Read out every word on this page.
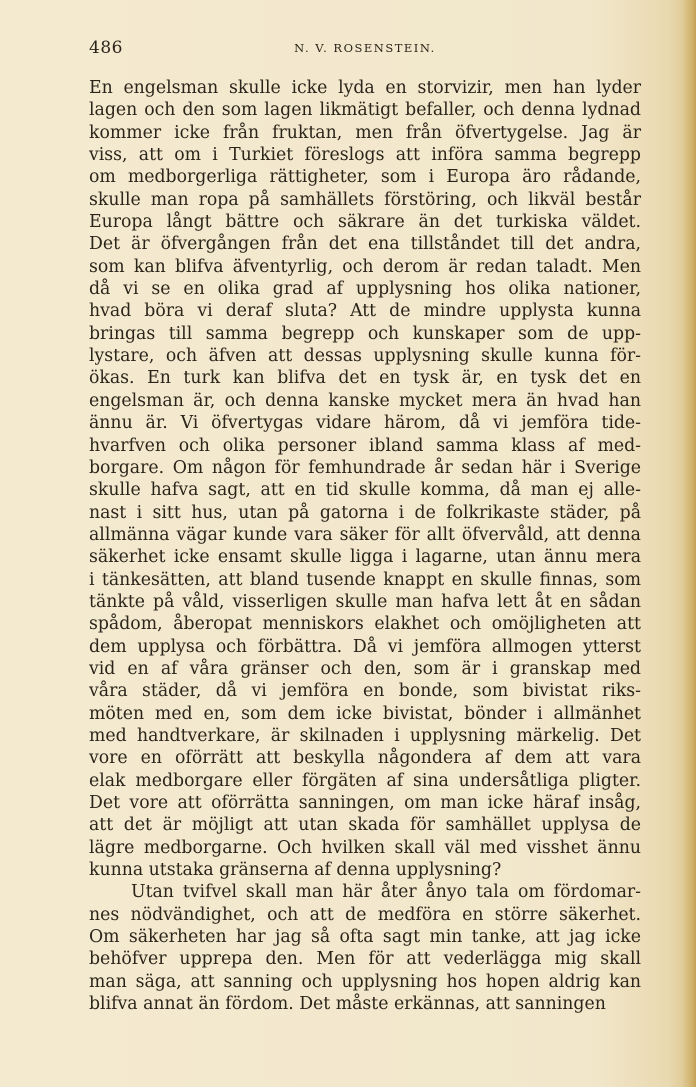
486	N. V. ROSENSTEIN.
En engelsman skulle icke lyda en storvizir, men han lyder
lagen och den som lagen likmätigt befaller, och denna lydnad
kommer icke från fruktan, men från öfvertygelse. Jag är
viss, att om i Turkiet föreslogs att införa samma begrepp
om medborgerliga rättigheter, som i Europa äro rådande,
skulle man ropa på samhällets förstöring, och likväl består
Europa långt bättre och säkrare än det turkiska väldet.
Det är öfvergången från det ena tillståndet till det andra,
som kan blifva äfventyrlig, och derom är redan taladt. Men
då vi se en olika grad af upplysning hos olika nationer,
hvad böra vi deraf sluta? Att de mindre upplysta kunna
bringas till samma begrepp och kunskaper som de upp-
lystare, och äfven att dessas upplysning skulle kunna för-
ökas. En turk kan blifva det en tysk är, en tysk det en
engelsman är, och denna kanske mycket mera än hvad han
ännu är. Vi öfvertygas vidare härom, då vi jemföra tide-
hvarfven och olika personer ibland samma klass af med-
borgare. Om någon för femhundrade år sedan här i Sverige
skulle hafva sagt, att en tid skulle komma, då man ej alle-
nast i sitt hus, utan på gatorna i de folkrikaste städer, på
allmänna vägar kunde vara säker för allt öfvervåld, att denna
säkerhet icke ensamt skulle ligga i lagarne, utan ännu mera
i tänkesätten, att bland tusende knappt en skulle finnas, som
tänkte på våld, visserligen skulle man hafva lett åt en sådan
spådom, åberopat menniskors elakhet och omöjligheten att
dem upplysa och förbättra. Då vi jemföra allmogen ytterst
vid en af våra gränser och den, som är i granskap med
våra städer, då vi jemföra en bonde, som bivistat riks-
möten med en, som dem icke bivistat, bönder i allmänhet
med handtverkare, är skilnaden i upplysning märkelig. Det
vore en oförrätt att beskylla någondera af dem att vara
elak medborgare eller förgäten af sina undersåtliga pligter.
Det vore att oförrätta sanningen, om man icke häraf insåg,
att det är möjligt att utan skada för samhället upplysa de
lägre medborgarne. Och hvilken skall väl med visshet ännu
kunna utstaka gränserna af denna upplysning?
Utan tvifvel skall man här åter ånyo tala om fördomar-
nes nödvändighet, och att de medföra en större säkerhet.
Om säkerheten har jag så ofta sagt min tanke, att jag icke
behöfver upprepa den. Men för att vederlägga mig skall
man säga, att sanning och upplysning hos hopen aldrig kan
blifva annat än fördom. Det måste erkännas, att sanningen
